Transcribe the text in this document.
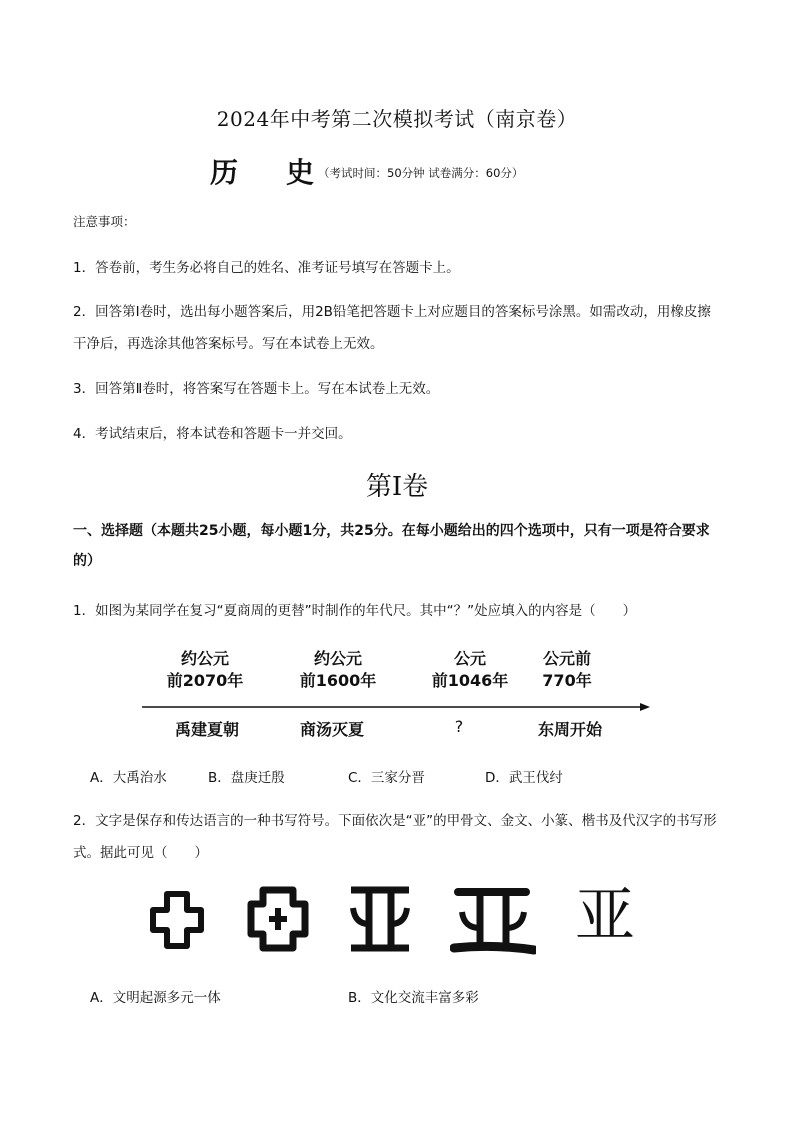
2024年中考第二次模拟考试（南京卷）
历 史 （考试时间：50分钟 试卷满分：60分）
注意事项：
1．答卷前，考生务必将自己的姓名、准考证号填写在答题卡上。
2．回答第Ⅰ卷时，选出每小题答案后，用2B铅笔把答题卡上对应题目的答案标号涂黑。如需改动，用橡皮擦干净后，再选涂其他答案标号。写在本试卷上无效。
3．回答第Ⅱ卷时，将答案写在答题卡上。写在本试卷上无效。
4．考试结束后，将本试卷和答题卡一并交回。
第Ⅰ卷
一、选择题（本题共25小题，每小题1分，共25分。在每小题给出的四个选项中，只有一项是符合要求的）
1．如图为某同学在复习“夏商周的更替”时制作的年代尺。其中“？”处应填入的内容是（　　）
约公元
前2070年
约公元
前1600年
公元
前1046年
公元前
770年
禹建夏朝	商汤灭夏	?	东周开始
A．大禹治水	B．盘庚迁殷	C．三家分晋	D．武王伐纣
2．文字是保存和传达语言的一种书写符号。下面依次是“亚”的甲骨文、金文、小篆、楷书及代汉字的书写形式。据此可见（　　）
亚
A．文明起源多元一体	B．文化交流丰富多彩
